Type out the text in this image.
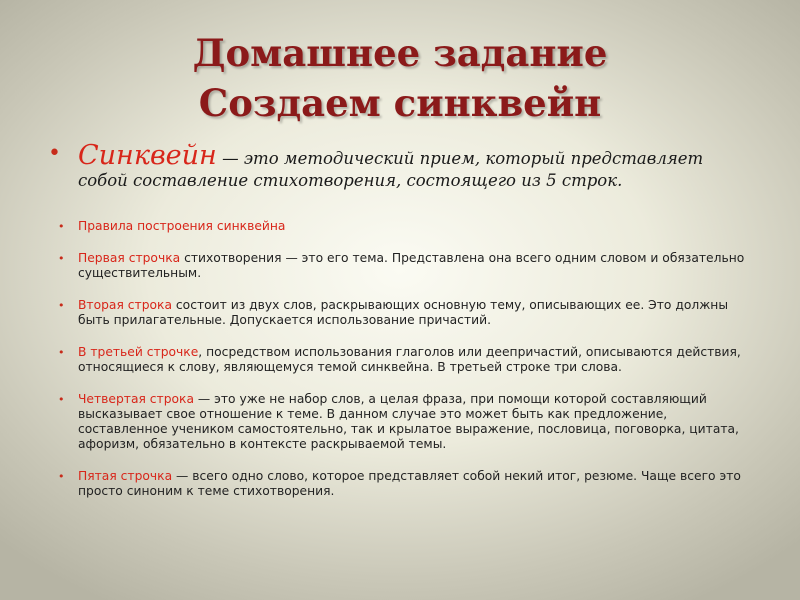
Домашнее задание
Создаем синквейн
• Синквейн — это методический прием, который представляет собой составление стихотворения, состоящего из 5 строк.
• Правила построения синквейна
• Первая строчка стихотворения — это его тема. Представлена она всего одним словом и обязательно существительным.
• Вторая строка состоит из двух слов, раскрывающих основную тему, описывающих ее. Это должны быть прилагательные. Допускается использование причастий.
• В третьей строчке, посредством использования глаголов или деепричастий, описываются действия, относящиеся к слову, являющемуся темой синквейна. В третьей строке три слова.
• Четвертая строка — это уже не набор слов, а целая фраза, при помощи которой составляющий высказывает свое отношение к теме. В данном случае это может быть как предложение, составленное учеником самостоятельно, так и крылатое выражение, пословица, поговорка, цитата, афоризм, обязательно в контексте раскрываемой темы.
• Пятая строчка — всего одно слово, которое представляет собой некий итог, резюме. Чаще всего это просто синоним к теме стихотворения.
